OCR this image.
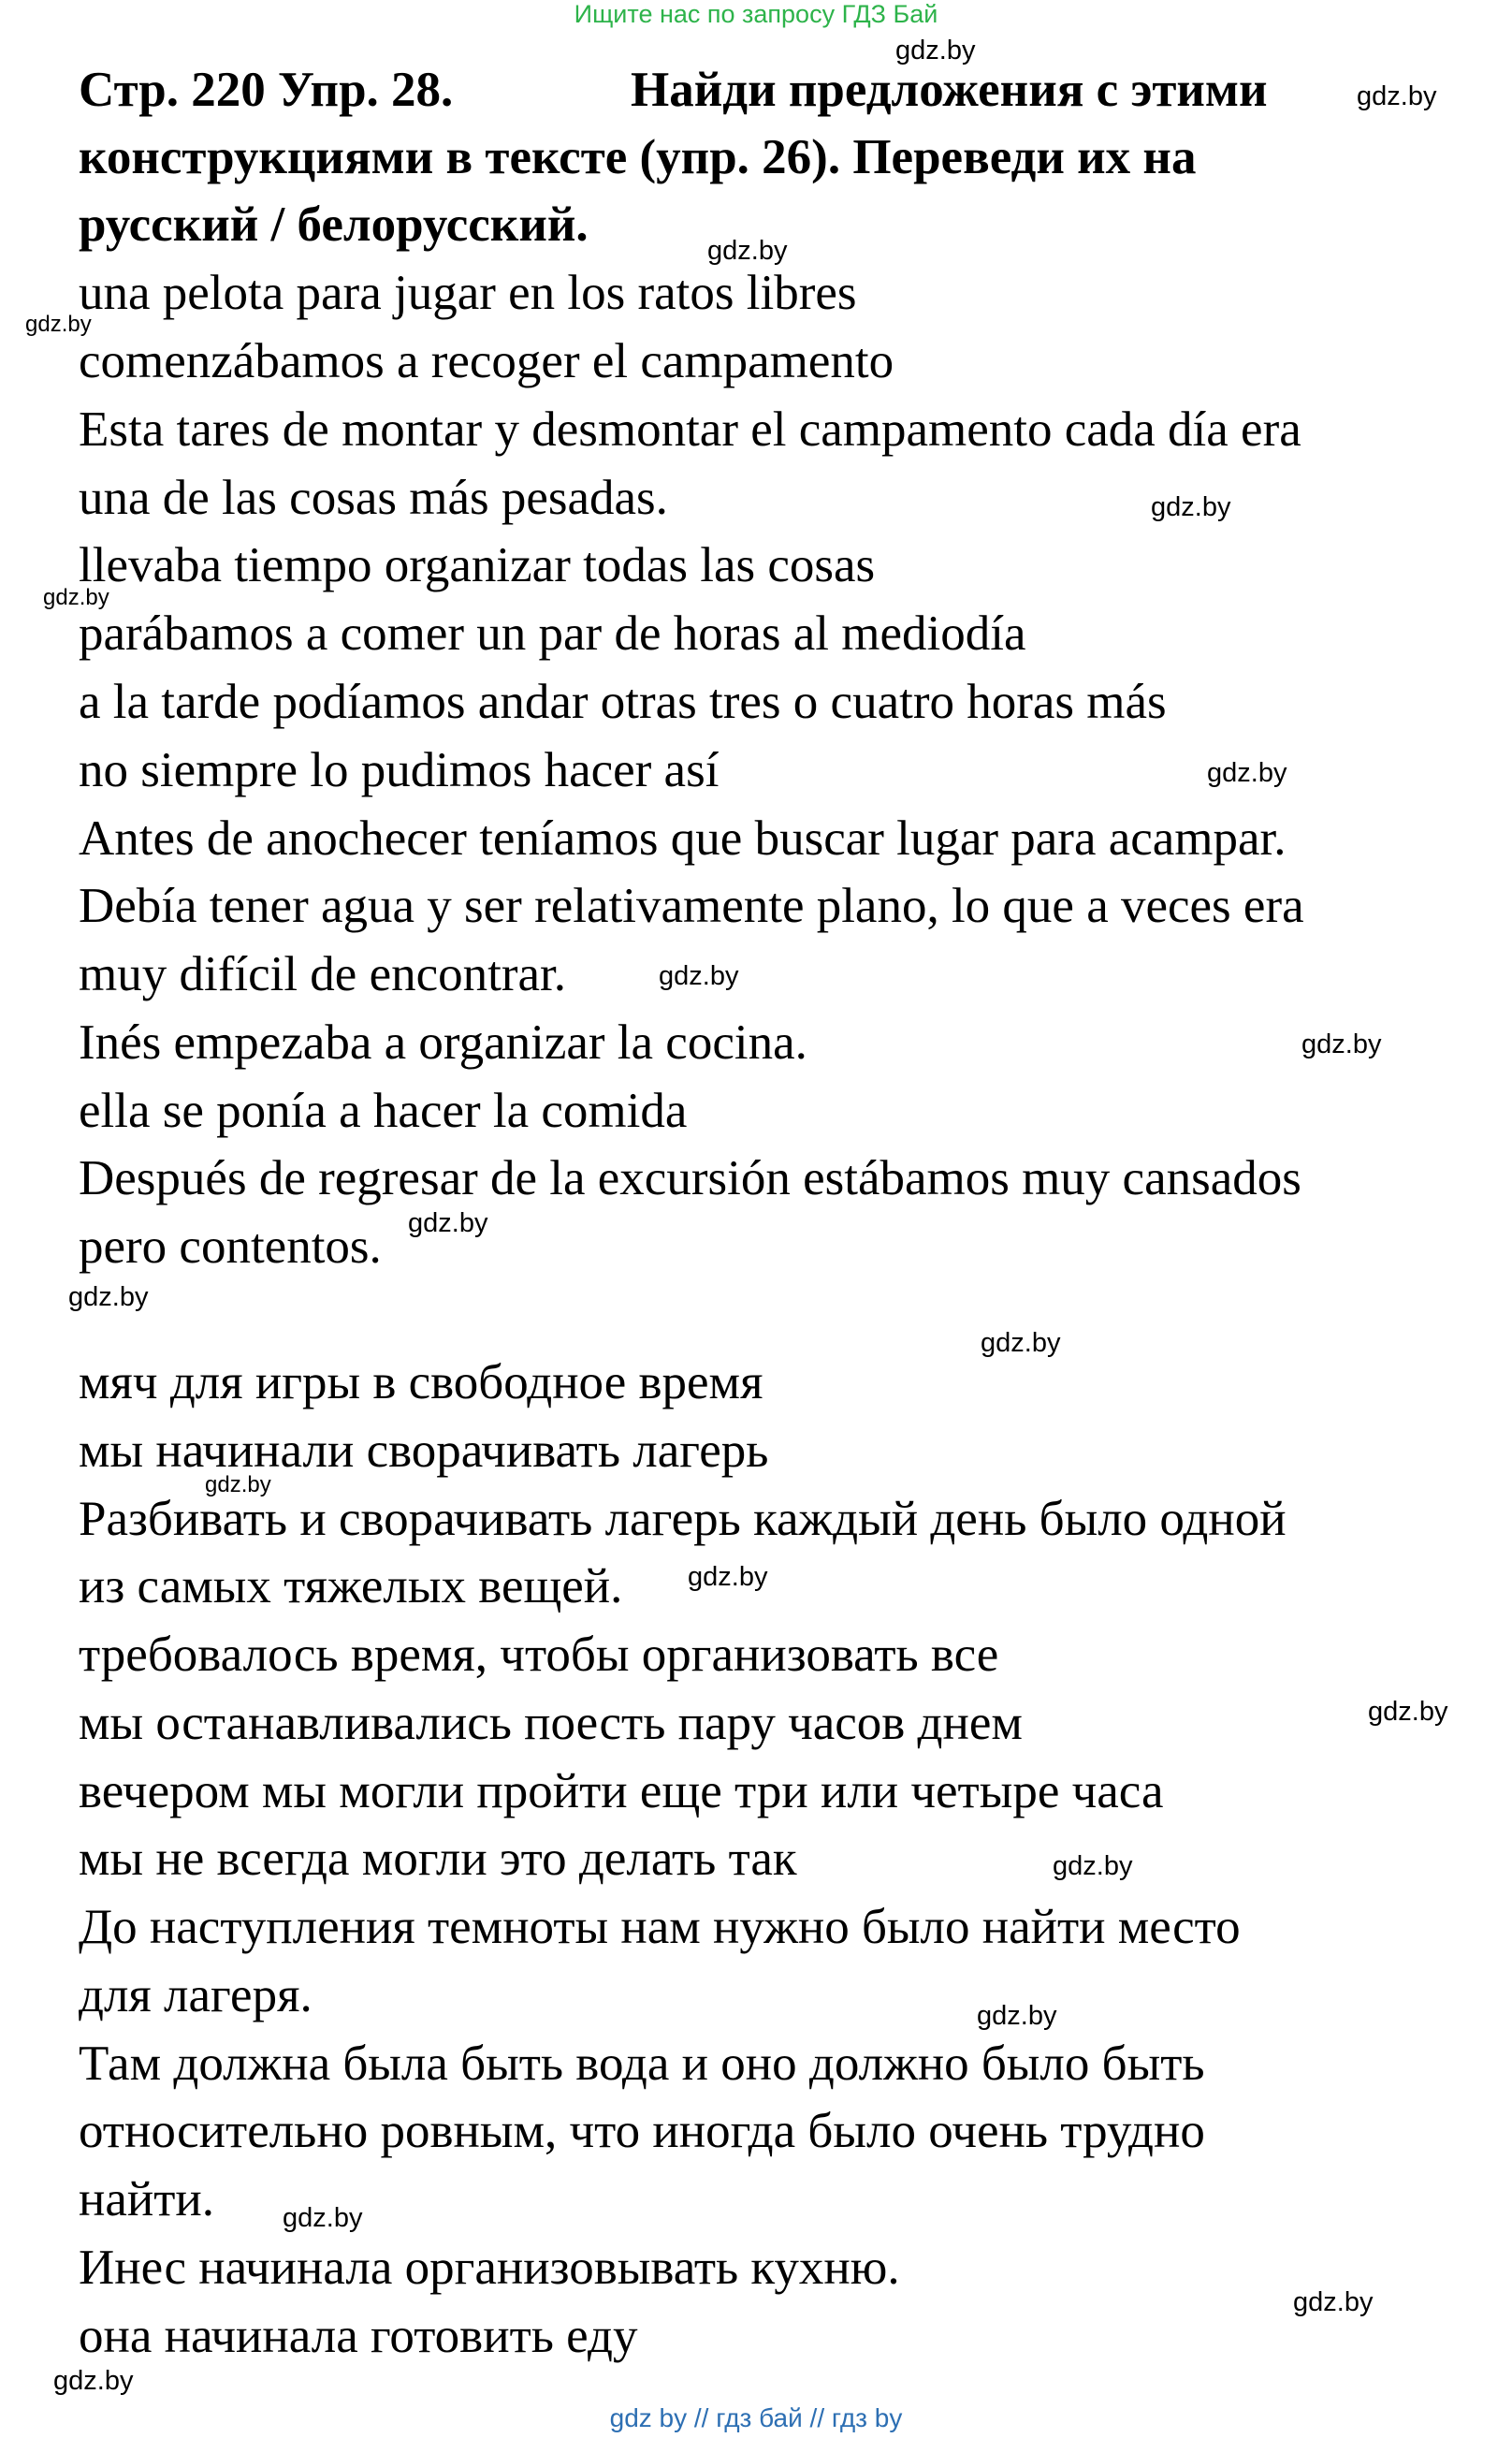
Ищите нас по запросу ГДЗ Бай
Стр. 220 Упр. 28.	Найди предложения с этими
конструкциями в тексте (упр. 26). Переведи их на
русский / белорусский.
una pelota para jugar en los ratos libres
comenzábamos a recoger el campamento
Esta tares de montar y desmontar el campamento cada día era
una de las cosas más pesadas.
llevaba tiempo organizar todas las cosas
parábamos a comer un par de horas al mediodía
a la tarde podíamos andar otras tres o cuatro horas más
no siempre lo pudimos hacer así
Antes de anochecer teníamos que buscar lugar para acampar.
Debía tener agua y ser relativamente plano, lo que a veces era
muy difícil de encontrar.
Inés empezaba a organizar la cocina.
ella se ponía a hacer la comida
Después de regresar de la excursión estábamos muy cansados
pero contentos.
мяч для игры в свободное время
мы начинали сворачивать лагерь
Разбивать и сворачивать лагерь каждый день было одной
из самых тяжелых вещей.
требовалось время, чтобы организовать все
мы останавливались поесть пару часов днем
вечером мы могли пройти еще три или четыре часа
мы не всегда могли это делать так
До наступления темноты нам нужно было найти место
для лагеря.
Там должна была быть вода и оно должно было быть
относительно ровным, что иногда было очень трудно
найти.
Инес начинала организовывать кухню.
она начинала готовить еду
gdz.by
gdz.by
gdz.by
gdz.by
gdz.by
gdz.by
gdz.by
gdz.by
gdz.by
gdz.by
gdz.by
gdz.by
gdz.by
gdz.by
gdz.by
gdz.by
gdz.by
gdz.by
gdz.by
gdz.by
gdz by // гдз бай // гдз by
